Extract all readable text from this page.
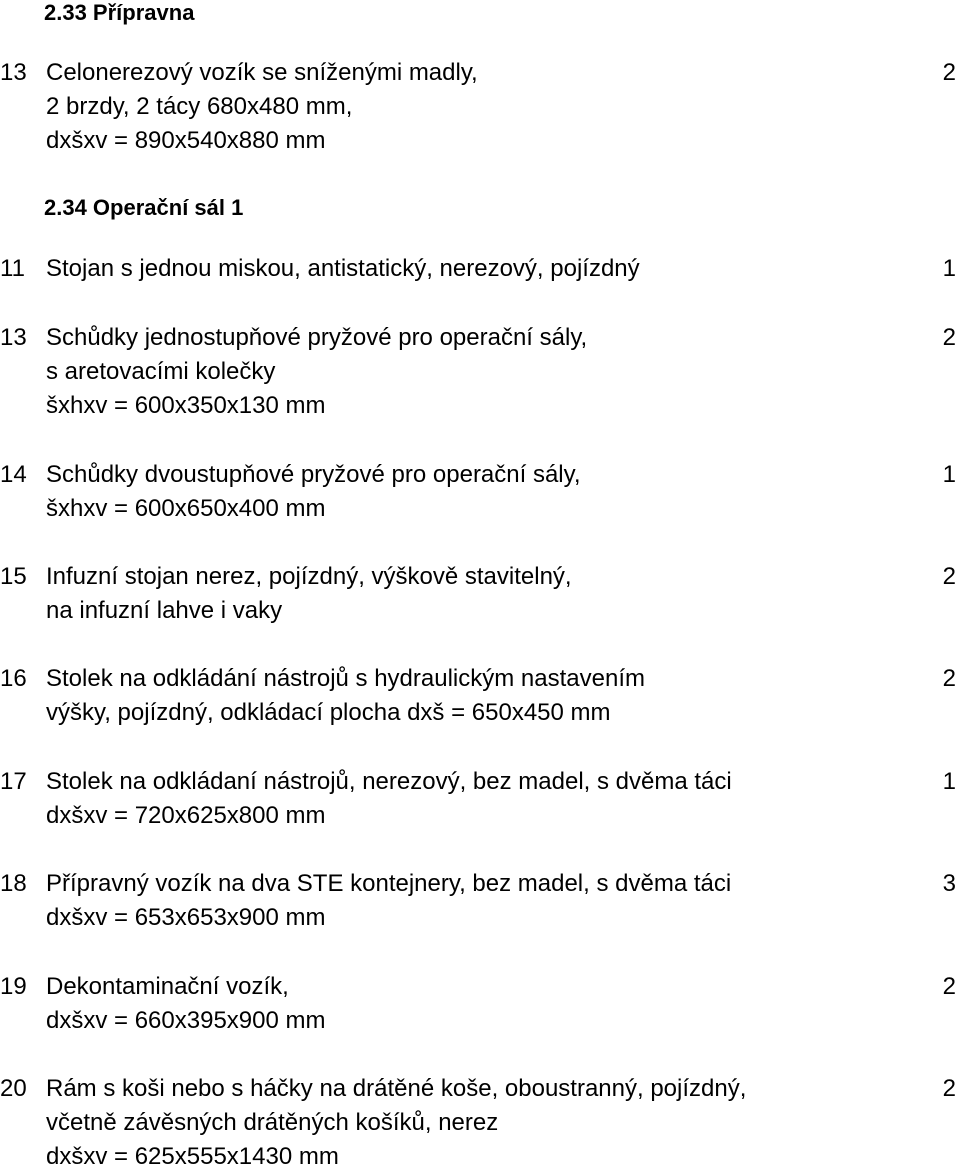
2.33 Přípravna
13 Celonerezový vozík se sníženými madly,
2 brzdy, 2 tácy 680x480 mm,
dxšxv = 890x540x880 mm
2
2.34 Operační sál 1
11 Stojan s jednou miskou, antistatický, nerezový, pojízdný	1
13 Schůdky jednostupňové pryžové pro operační sály,
s aretovacími kolečky
šxhxv = 600x350x130 mm
2
14 Schůdky dvoustupňové pryžové pro operační sály,
šxhxv = 600x650x400 mm
1
15 Infuzní stojan nerez, pojízdný, výškově stavitelný,
na infuzní lahve i vaky
2
16 Stolek na odkládání nástrojů s hydraulickým nastavením
výšky, pojízdný, odkládací plocha dxš = 650x450 mm
2
17 Stolek na odkládaní nástrojů, nerezový, bez madel, s dvěma táci
dxšxv = 720x625x800 mm
1
18 Přípravný vozík na dva STE kontejnery, bez madel, s dvěma táci
dxšxv = 653x653x900 mm
3
19 Dekontaminační vozík,
dxšxv = 660x395x900 mm
2
20 Rám s koši nebo s háčky na drátěné koše, oboustranný, pojízdný,
včetně závěsných drátěných košíků, nerez
dxšxv = 625x555x1430 mm
2
